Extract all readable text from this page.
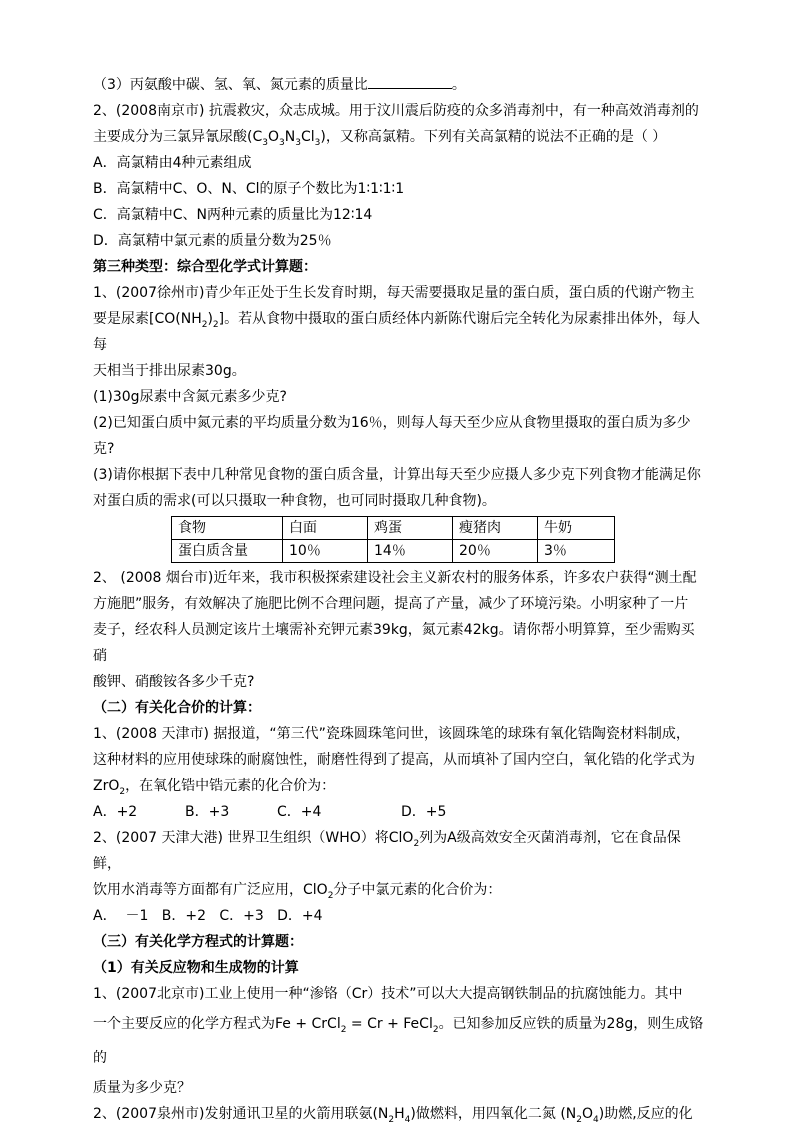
（3）丙氨酸中碳、氢、氧、氮元素的质量比	。

2、(2008南京市) 抗震救灾，众志成城。用于汶川震后防疫的众多消毒剂中，有一种高效消毒剂的

主要成分为三氯异氰尿酸$(C_3O_3N_3Cl_3)$，又称高氯精。下列有关高氯精的说法不正确的是（ ）

A．高氯精由4种元素组成

B．高氯精中C、O、N、Cl的原子个数比为1∶1∶1∶1

C．高氯精中C、N两种元素的质量比为12∶14

D．高氯精中氯元素的质量分数为25％

第三种类型：综合型化学式计算题：

1、(2007徐州市)青少年正处于生长发育时期，每天需要摄取足量的蛋白质，蛋白质的代谢产物主

要是尿素$[CO(NH_2)_2]$。若从食物中摄取的蛋白质经体内新陈代谢后完全转化为尿素排出体外，每人每

天相当于排出尿素30g。

(1)30g尿素中含氮元素多少克?

(2)已知蛋白质中氮元素的平均质量分数为16％，则每人每天至少应从食物里摄取的蛋白质为多少

克?

(3)请你根据下表中几种常见食物的蛋白质含量，计算出每天至少应摄人多少克下列食物才能满足你

对蛋白质的需求(可以只摄取一种食物，也可同时摄取几种食物)。

食物	白面	鸡蛋	瘦猪肉	牛奶
蛋白质含量	10％	14％	20％	3％

2、 (2008 烟台市)近年来，我市积极探索建设社会主义新农村的服务体系，许多农户获得“测土配

方施肥”服务，有效解决了施肥比例不合理问题，提高了产量，减少了环境污染。小明家种了一片

麦子，经农科人员测定该片土壤需补充钾元素39kg，氮元素42kg。请你帮小明算算，至少需购买硝

酸钾、硝酸铵各多少千克?

（二）有关化合价的计算：

1、(2008 天津市) 据报道，“第三代”瓷珠圆珠笔问世，该圆珠笔的球珠有氧化锆陶瓷材料制成，

这种材料的应用使球珠的耐腐蚀性，耐磨性得到了提高，从而填补了国内空白，氧化锆的化学式为

ZrO$_2$，在氧化锆中锆元素的化合价为：

A．+2	B．+3	C．+4	D．+5

2、(2007 天津大港) 世界卫生组织（WHO）将ClO$_2$列为A级高效安全灭菌消毒剂，它在食品保鲜，

饮用水消毒等方面都有广泛应用，ClO$_2$分子中氯元素的化合价为：

A．  －1   B．+2   C．+3   D．+4

（三）有关化学方程式的计算题：

（1）有关反应物和生成物的计算

1、(2007北京市)工业上使用一种“渗铬（Cr）技术”可以大大提高钢铁制品的抗腐蚀能力。其中

一个主要反应的化学方程式为Fe + CrCl$_2$ = Cr + FeCl$_2$。已知参加反应铁的质量为28g，则生成铬的

质量为多少克？

2、(2007泉州市)发射通讯卫星的火箭用联氨$(N_2H_4)$做燃料，用四氧化二氮 $(N_2O_4)$助燃,反应的化
